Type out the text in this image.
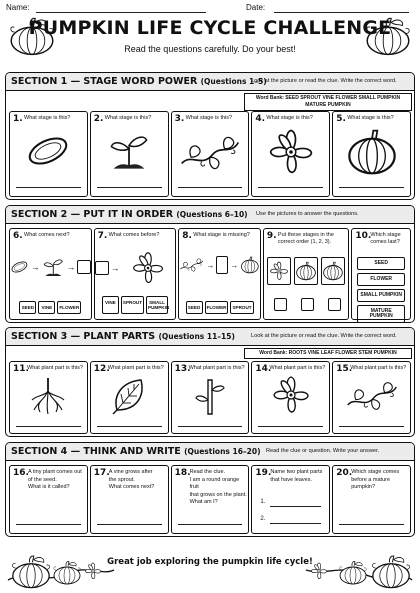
Name:	Date:
PUMPKIN LIFE CYCLE CHALLENGE
Read the questions carefully. Do your best!
SECTION 1 — STAGE WORD POWER (Questions 1–5)
Look at the picture or read the clue. Write the correct word.
Word Bank: SEED SPROUT VINE FLOWER SMALL PUMPKIN
MATURE PUMPKIN
1. What stage is this?	2. What stage is this?	3. What stage is this?	4. What stage is this?	5. What stage is this?
SECTION 2 — PUT IT IN ORDER (Questions 6–10) Use the pictures to answer the questions.
6. What comes next?
→	→
SEED	VINE	FLOWER
7. What comes before?
→
VINE	SPROUT	SMALL PUMPKIN
8. What stage is missing?
→ →
SEED	FLOWER	SPROUT
9. Put these stages in the
correct order (1, 2, 3).
10. Which stage
comes last?
SEED
FLOWER
SMALL PUMPKIN
MATURE PUMPKIN
SECTION 3 — PLANT PARTS (Questions 11–15)	Look at the picture or read the clue. Write the correct word.
Word Bank: ROOTS VINE LEAF FLOWER STEM PUMPKIN
11.
What plant part is this? 12.
What plant part is this? 13.
What plant part is this? 14.
What plant part is this? 15.
What plant part is this?
SECTION 4 — THINK AND WRITE (Questions 16–20) Read the clue or question. Write your answer.
16. A tiny plant comes out
of the seed.
What is it called?
17. A vine grows after
the sprout.
What comes next?
18. Read the clue.
I am a round orange fruit
that grows on the plant.
What am I?
19. Name two plant parts
that have leaves.
1.
2.
20. Which stage comes
before a mature pumpkin?
Great job exploring the pumpkin life cycle!
